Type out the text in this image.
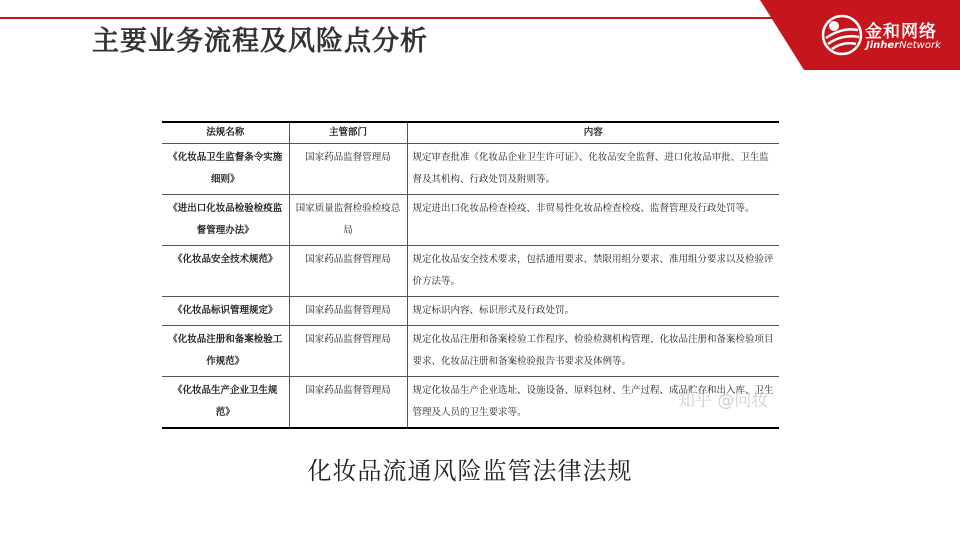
主要业务流程及风险点分析	金和网络
JinherNetwork
法规名称	主管部门	内容
《化妆品卫生监督条令实施细则》	国家药品监督管理局	规定审查批准《化妆品企业卫生许可证》、化妆品安全监督、进口化妆品审批、卫生监督及其机构、行政处罚及附则等。
《进出口化妆品检验检疫监督管理办法》	国家质量监督检验检疫总局	规定进出口化妆品检查检疫、非贸易性化妆品检查检疫、监督管理及行政处罚等。
《化妆品安全技术规范》	国家药品监督管理局	规定化妆品安全技术要求，包括通用要求、禁限用组分要求、准用组分要求以及检验评价方法等。
《化妆品标识管理规定》	国家药品监督管理局	规定标识内容、标识形式及行政处罚。
《化妆品注册和备案检验工作规范》	国家药品监督管理局	规定化妆品注册和备案检验工作程序、检验检测机构管理、化妆品注册和备案检验项目要求、化妆品注册和备案检验报告书要求及体例等。
《化妆品生产企业卫生规范》	国家药品监督管理局	规定化妆品生产企业选址、设施设备、原料包材、生产过程、成品贮存和出入库、卫生管理及人员的卫生要求等。
知乎 @问妆
化妆品流通风险监管法律法规
